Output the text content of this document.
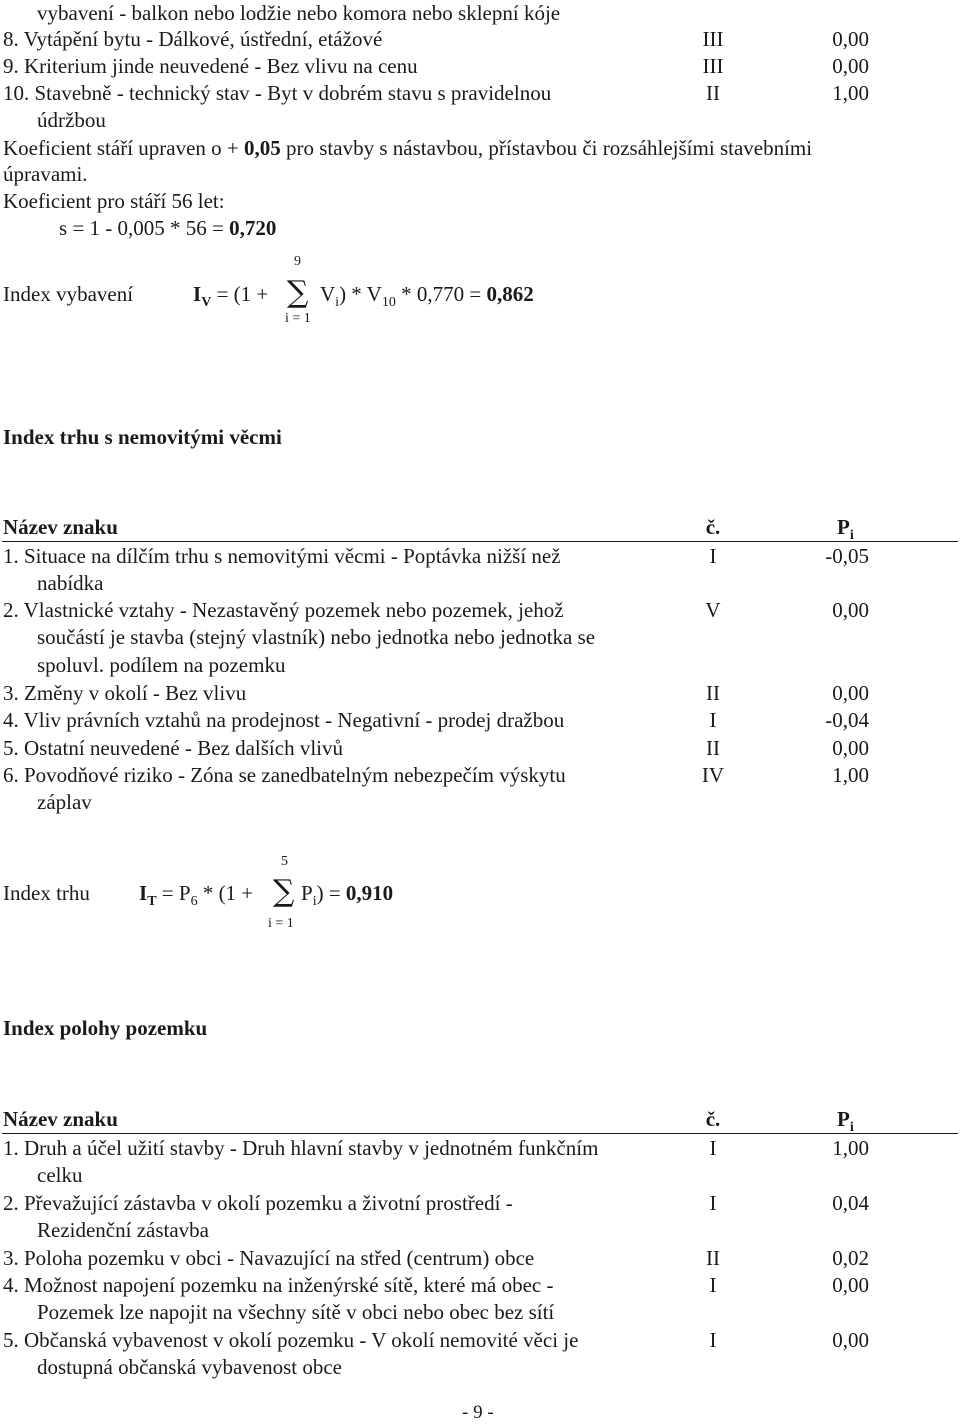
vybavení - balkon nebo lodžie nebo komora nebo sklepní kóje
8. Vytápění bytu - Dálkové, ústřední, etážové	III	0,00
9. Kriterium jinde neuvedené - Bez vlivu na cenu	III	0,00
10. Stavebně - technický stav - Byt v dobrém stavu s pravidelnou	II	1,00
údržbou
Koeficient stáří upraven o + 0,05 pro stavby s nástavbou, přístavbou či rozsáhlejšími stavebními
úpravami.
Koeficient pro stáří 56 let:
s = 1 - 0,005 * 56 = 0,720
9
Index vybavení	$I_V = (1$ + ∑ $V_i) * V_{10} * 0,770 = 0,862$
i = 1
Index trhu s nemovitými věcmi
Název znaku	č.	$P_i$
1. Situace na dílčím trhu s nemovitými věcmi - Poptávka nižší než
nabídka
I	-0,05
2. Vlastnické vztahy - Nezastavěný pozemek nebo pozemek, jehož
součástí je stavba (stejný vlastník) nebo jednotka nebo jednotka se
spoluvl. podílem na pozemku
V	0,00
3. Změny v okolí - Bez vlivu	II	0,00
4. Vliv právních vztahů na prodejnost - Negativní - prodej dražbou	I	-0,04
5. Ostatní neuvedené - Bez dalších vlivů	II	0,00
6. Povodňové riziko - Zóna se zanedbatelným nebezpečím výskytu
záplav
IV	1,00
5
Index trhu $I_T = P_6 * (1$ + ∑ $P_i) = 0,910$
i = 1
Index polohy pozemku
Název znaku	č.	$P_i$
1. Druh a účel užití stavby - Druh hlavní stavby v jednotném funkčním
celku
I	1,00
2. Převažující zástavba v okolí pozemku a životní prostředí -
Rezidenční zástavba
I	0,04
3. Poloha pozemku v obci - Navazující na střed (centrum) obce	II	0,02
4. Možnost napojení pozemku na inženýrské sítě, které má obec -
Pozemek lze napojit na všechny sítě v obci nebo obec bez sítí
I	0,00
5. Občanská vybavenost v okolí pozemku - V okolí nemovité věci je
dostupná občanská vybavenost obce
I	0,00
- 9 -
